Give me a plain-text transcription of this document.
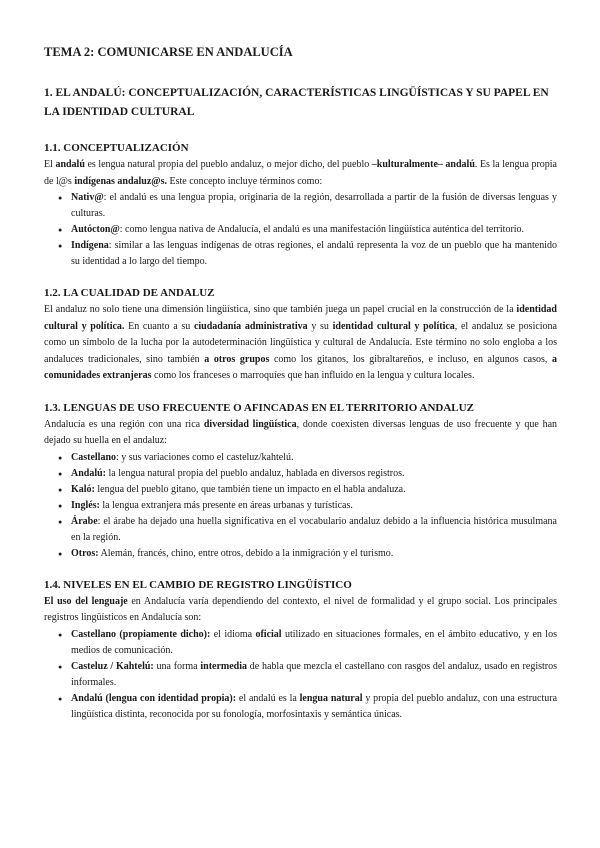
TEMA 2: COMUNICARSE EN ANDALUCÍA
1. EL ANDALÚ: CONCEPTUALIZACIÓN, CARACTERÍSTICAS LINGÜÍSTICAS Y SU PAPEL EN LA IDENTIDAD CULTURAL
1.1. CONCEPTUALIZACIÓN

El andalú es lengua natural propia del pueblo andaluz, o mejor dicho, del pueblo –kulturalmente– andalú. Es la lengua propia de l@s indígenas andaluz@s. Este concepto incluye términos como:

● Nativ@: el andalú es una lengua propia, originaria de la región, desarrollada a partir de la fusión de diversas lenguas y culturas.
● Autócton@: como lengua nativa de Andalucía, el andalú es una manifestación lingüística auténtica del territorio.
● Indígena: similar a las lenguas indígenas de otras regiones, el andalú representa la voz de un pueblo que ha mantenido su identidad a lo largo del tiempo.
1.2. LA CUALIDAD DE ANDALUZ

El andaluz no solo tiene una dimensión lingüística, sino que también juega un papel crucial en la construcción de la identidad cultural y política. En cuanto a su ciudadanía administrativa y su identidad cultural y política, el andaluz se posiciona como un símbolo de la lucha por la autodeterminación lingüística y cultural de Andalucía. Este término no solo engloba a los andaluces tradicionales, sino también a otros grupos como los gitanos, los gibraltareños, e incluso, en algunos casos, a comunidades extranjeras como los franceses o marroquíes que han influido en la lengua y cultura locales.

1.3. LENGUAS DE USO FRECUENTE O AFINCADAS EN EL TERRITORIO ANDALUZ

Andalucía es una región con una rica diversidad lingüística, donde coexisten diversas lenguas de uso frecuente y que han dejado su huella en el andaluz:

● Castellano: y sus variaciones como el casteluz/kahtelú.
● Andalú: la lengua natural propia del pueblo andaluz, hablada en diversos registros.
● Kaló: lengua del pueblo gitano, que también tiene un impacto en el habla andaluza.
● Inglés: la lengua extranjera más presente en áreas urbanas y turísticas.
● Árabe: el árabe ha dejado una huella significativa en el vocabulario andaluz debido a la influencia histórica musulmana en la región.
● Otros: Alemán, francés, chino, entre otros, debido a la inmigración y el turismo.
1.4. NIVELES EN EL CAMBIO DE REGISTRO LINGÜÍSTICO

El uso del lenguaje en Andalucía varía dependiendo del contexto, el nivel de formalidad y el grupo social. Los principales registros lingüísticos en Andalucía son:

● Castellano (propiamente dicho): el idioma oficial utilizado en situaciones formales, en el ámbito educativo, y en los medios de comunicación.
● Casteluz / Kahtelú: una forma intermedia de habla que mezcla el castellano con rasgos del andaluz, usado en registros informales.
● Andalú (lengua con identidad propia): el andalú es la lengua natural y propia del pueblo andaluz, con una estructura lingüística distinta, reconocida por su fonología, morfosintaxis y semántica únicas.
